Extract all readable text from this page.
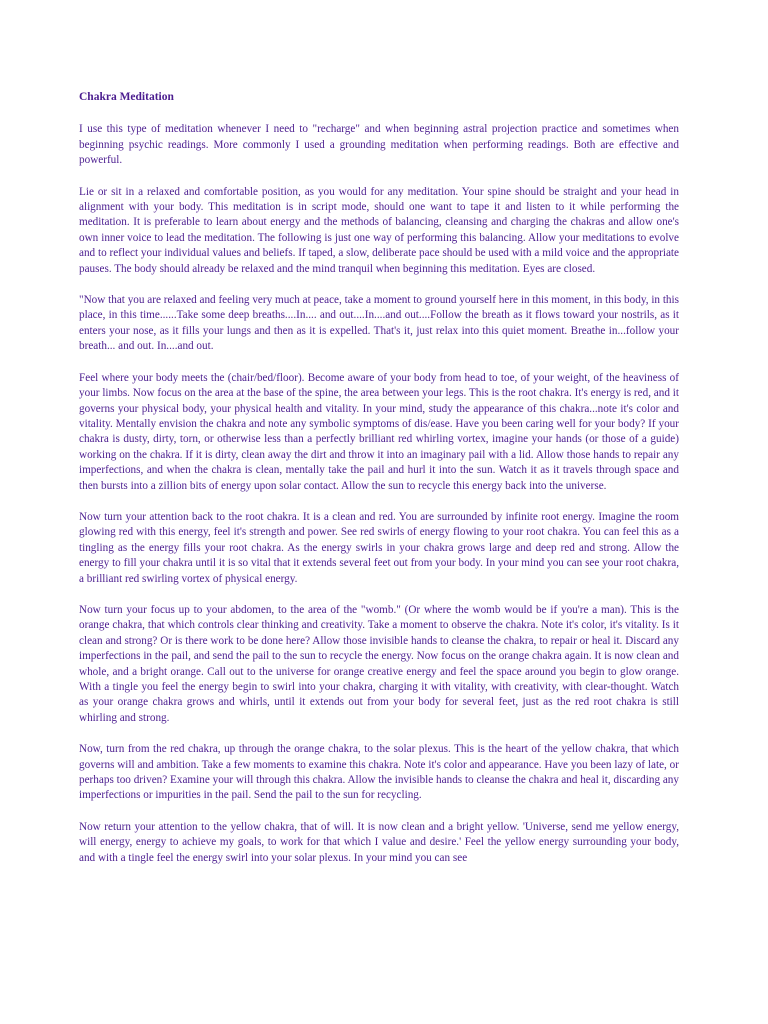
Chakra Meditation

I use this type of meditation whenever I need to "recharge" and when beginning astral projection practice and sometimes when beginning psychic readings. More commonly I used a grounding meditation when performing readings. Both are effective and powerful.

Lie or sit in a relaxed and comfortable position, as you would for any meditation. Your spine should be straight and your head in alignment with your body. This meditation is in script mode, should one want to tape it and listen to it while performing the meditation. It is preferable to learn about energy and the methods of balancing, cleansing and charging the chakras and allow one's own inner voice to lead the meditation. The following is just one way of performing this balancing. Allow your meditations to evolve and to reflect your individual values and beliefs. If taped, a slow, deliberate pace should be used with a mild voice and the appropriate pauses. The body should already be relaxed and the mind tranquil when beginning this meditation. Eyes are closed.

"Now that you are relaxed and feeling very much at peace, take a moment to ground yourself here in this moment, in this body, in this place, in this time......Take some deep breaths....In.... and out....In....and out....Follow the breath as it flows toward your nostrils, as it enters your nose, as it fills your lungs and then as it is expelled. That's it, just relax into this quiet moment. Breathe in...follow your breath... and out. In....and out.

Feel where your body meets the (chair/bed/floor). Become aware of your body from head to toe, of your weight, of the heaviness of your limbs. Now focus on the area at the base of the spine, the area between your legs. This is the root chakra. It's energy is red, and it governs your physical body, your physical health and vitality. In your mind, study the appearance of this chakra...note it's color and vitality. Mentally envision the chakra and note any symbolic symptoms of dis/ease. Have you been caring well for your body? If your chakra is dusty, dirty, torn, or otherwise less than a perfectly brilliant red whirling vortex, imagine your hands (or those of a guide) working on the chakra. If it is dirty, clean away the dirt and throw it into an imaginary pail with a lid. Allow those hands to repair any imperfections, and when the chakra is clean, mentally take the pail and hurl it into the sun. Watch it as it travels through space and then bursts into a zillion bits of energy upon solar contact. Allow the sun to recycle this energy back into the universe.

Now turn your attention back to the root chakra. It is a clean and red. You are surrounded by infinite root energy. Imagine the room glowing red with this energy, feel it's strength and power. See red swirls of energy flowing to your root chakra. You can feel this as a tingling as the energy fills your root chakra. As the energy swirls in your chakra grows large and deep red and strong. Allow the energy to fill your chakra until it is so vital that it extends several feet out from your body. In your mind you can see your root chakra, a brilliant red swirling vortex of physical energy.

Now turn your focus up to your abdomen, to the area of the "womb." (Or where the womb would be if you're a man). This is the orange chakra, that which controls clear thinking and creativity. Take a moment to observe the chakra. Note it's color, it's vitality. Is it clean and strong? Or is there work to be done here? Allow those invisible hands to cleanse the chakra, to repair or heal it. Discard any imperfections in the pail, and send the pail to the sun to recycle the energy. Now focus on the orange chakra again. It is now clean and whole, and a bright orange. Call out to the universe for orange creative energy and feel the space around you begin to glow orange. With a tingle you feel the energy begin to swirl into your chakra, charging it with vitality, with creativity, with clear-thought. Watch as your orange chakra grows and whirls, until it extends out from your body for several feet, just as the red root chakra is still whirling and strong.

Now, turn from the red chakra, up through the orange chakra, to the solar plexus. This is the heart of the yellow chakra, that which governs will and ambition. Take a few moments to examine this chakra. Note it's color and appearance. Have you been lazy of late, or perhaps too driven? Examine your will through this chakra. Allow the invisible hands to cleanse the chakra and heal it, discarding any imperfections or impurities in the pail. Send the pail to the sun for recycling.

Now return your attention to the yellow chakra, that of will. It is now clean and a bright yellow. 'Universe, send me yellow energy, will energy, energy to achieve my goals, to work for that which I value and desire.' Feel the yellow energy surrounding your body, and with a tingle feel the energy swirl into your solar plexus. In your mind you can see
